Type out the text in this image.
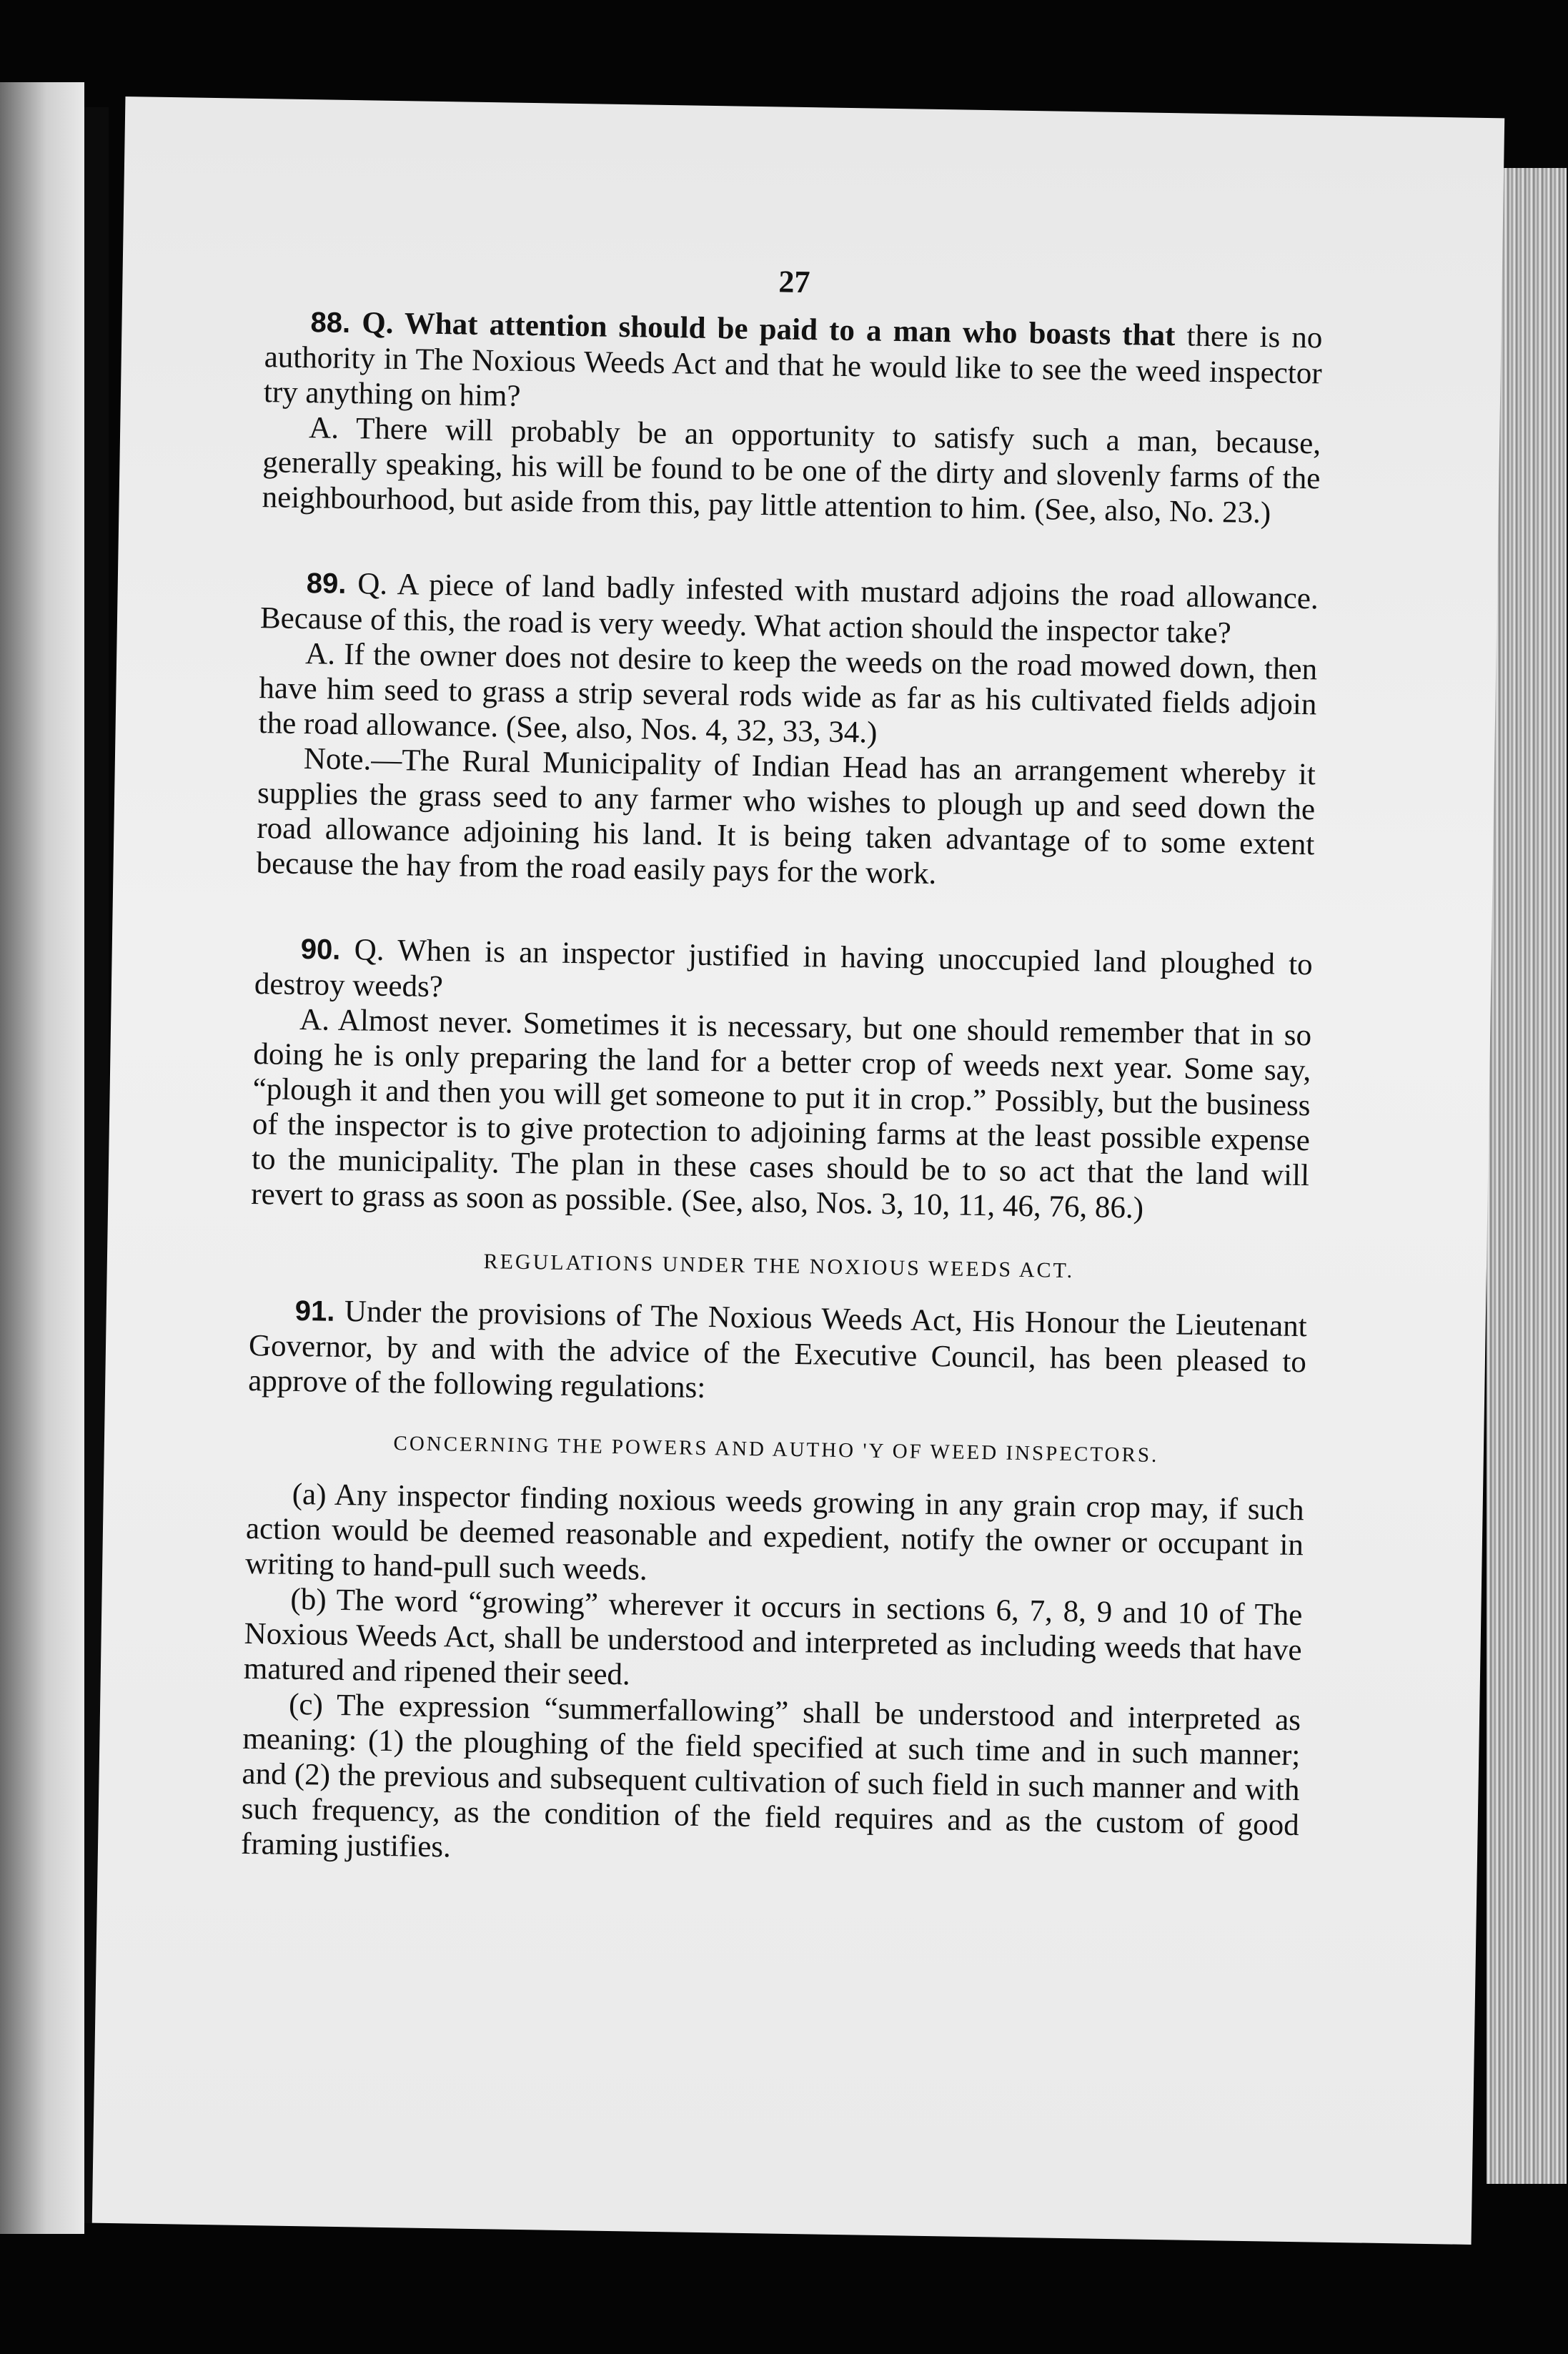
27

88. Q. What attention should be paid to a man who boasts that there is no authority in The Noxious Weeds Act and that he would like to see the weed inspector try anything on him?

A. There will probably be an opportunity to satisfy such a man, because, generally speaking, his will be found to be one of the dirty and slovenly farms of the neighbourhood, but aside from this, pay little attention to him. (See, also, No. 23.)

89. Q. A piece of land badly infested with mustard adjoins the road allowance. Because of this, the road is very weedy. What action should the inspector take?

A. If the owner does not desire to keep the weeds on the road mowed down, then have him seed to grass a strip several rods wide as far as his cultivated fields adjoin the road allowance. (See, also, Nos. 4, 32, 33, 34.)

Note.—The Rural Municipality of Indian Head has an arrangement whereby it supplies the grass seed to any farmer who wishes to plough up and seed down the road allowance adjoining his land. It is being taken advantage of to some extent because the hay from the road easily pays for the work.

90. Q. When is an inspector justified in having unoccupied land ploughed to destroy weeds?

A. Almost never. Sometimes it is necessary, but one should remember that in so doing he is only preparing the land for a better crop of weeds next year. Some say, “plough it and then you will get someone to put it in crop.” Possibly, but the business of the inspector is to give protection to adjoining farms at the least possible expense to the municipality. The plan in these cases should be to so act that the land will revert to grass as soon as possible. (See, also, Nos. 3, 10, 11, 46, 76, 86.)

REGULATIONS UNDER THE NOXIOUS WEEDS ACT.

91. Under the provisions of The Noxious Weeds Act, His Honour the Lieutenant Governor, by and with the advice of the Executive Council, has been pleased to approve of the following regulations:

CONCERNING THE POWERS AND AUTHO 'Y OF WEED INSPECTORS.

(a) Any inspector finding noxious weeds growing in any grain crop may, if such action would be deemed reasonable and expedient, notify the owner or occupant in writing to hand-pull such weeds.

(b) The word “growing” wherever it occurs in sections 6, 7, 8, 9 and 10 of The Noxious Weeds Act, shall be understood and interpreted as including weeds that have matured and ripened their seed.

(c) The expression “summerfallowing” shall be understood and interpreted as meaning: (1) the ploughing of the field specified at such time and in such manner; and (2) the previous and subsequent cultivation of such field in such manner and with such frequency, as the condition of the field requires and as the custom of good framing justifies.
